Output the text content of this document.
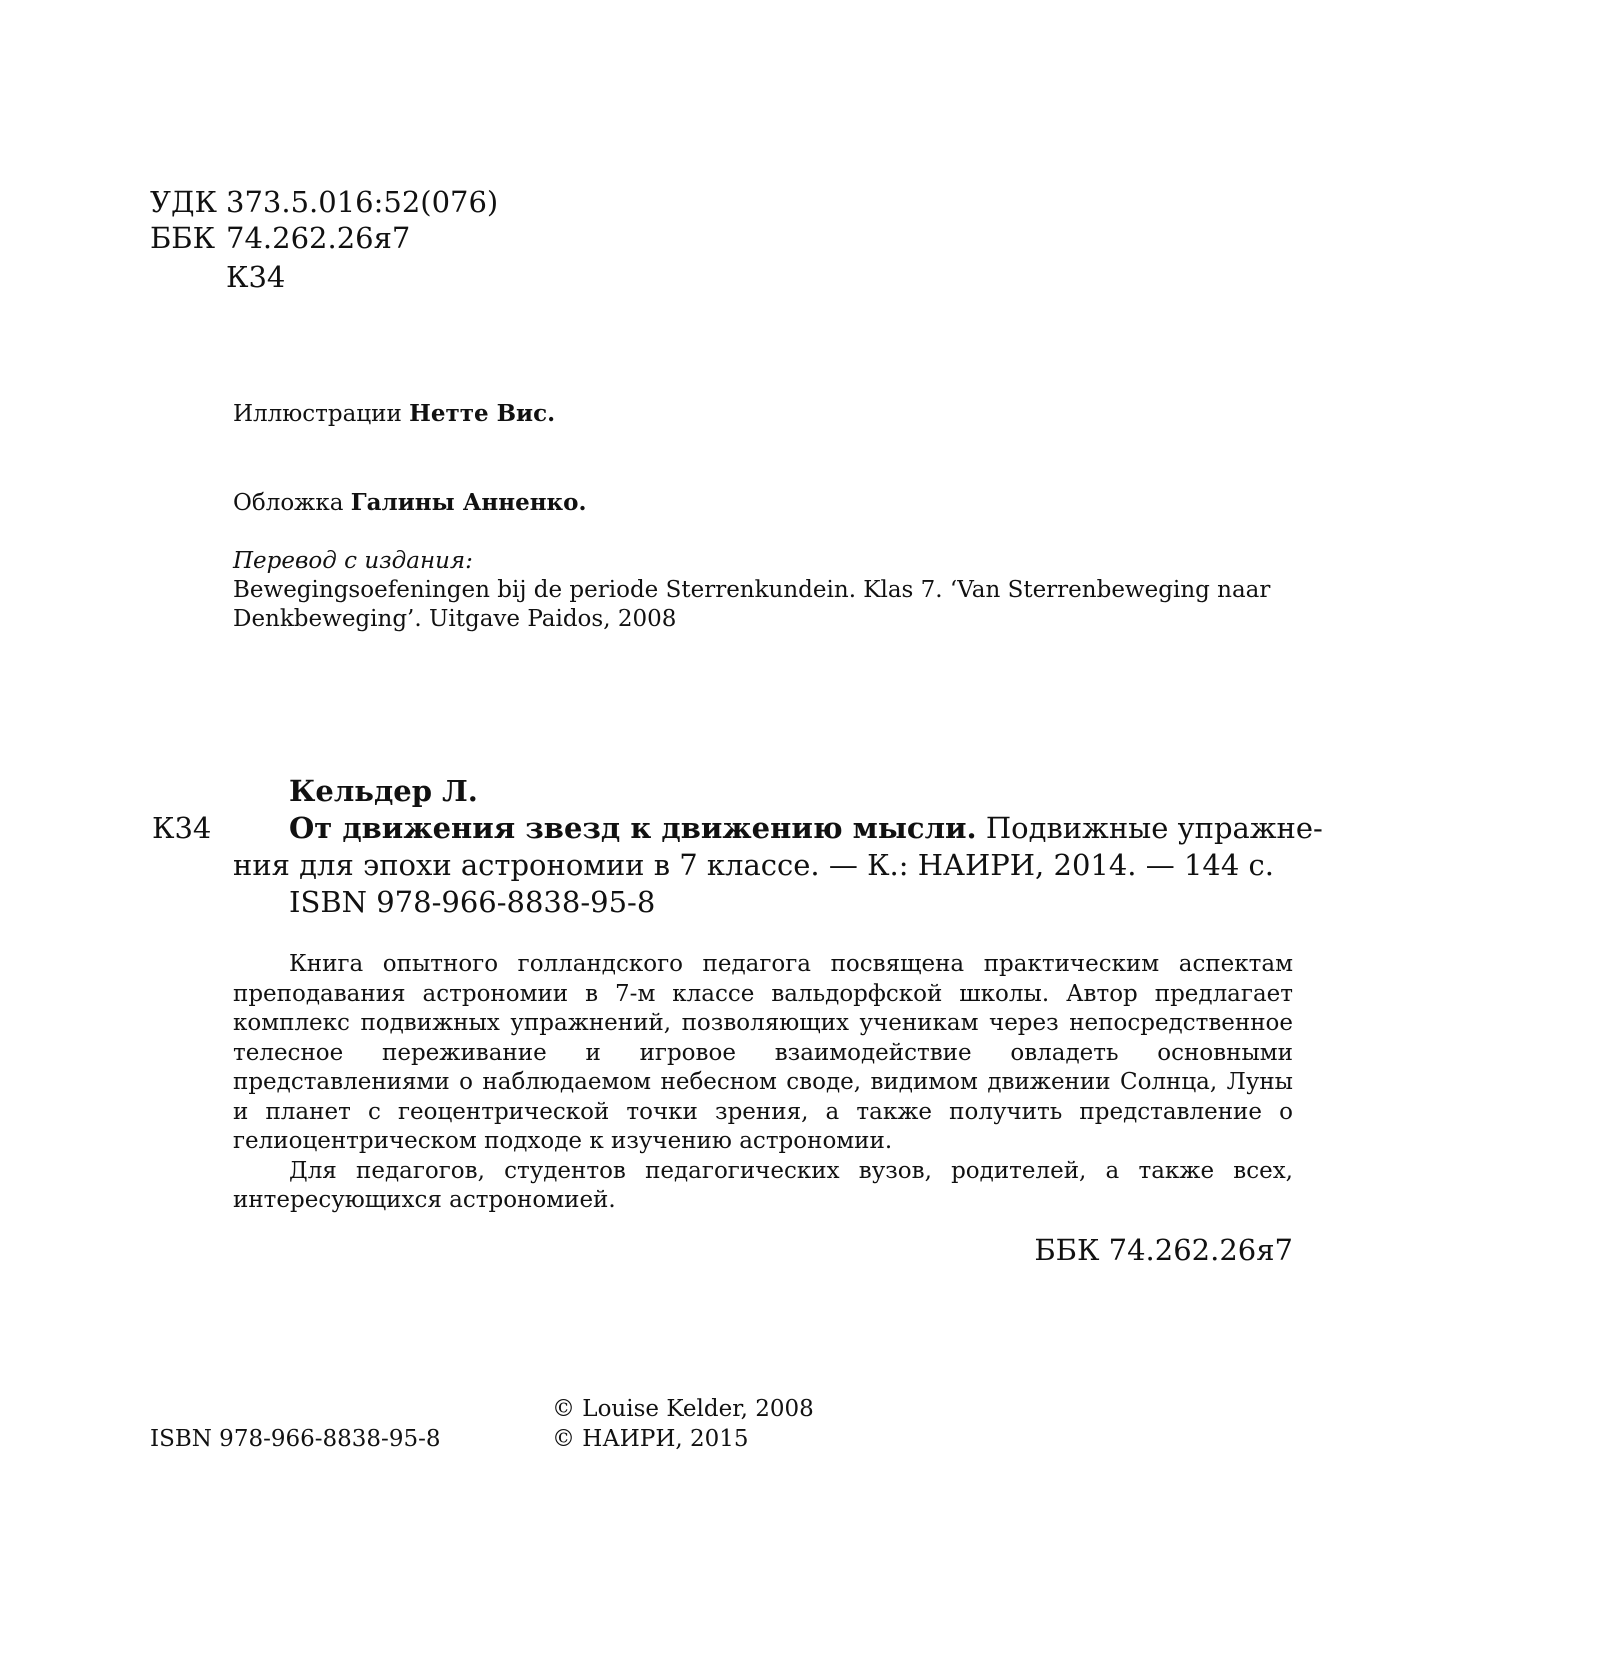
УДК 373.5.016:52(076)
ББК 74.262.26я7
К34
Иллюстрации Нетте Вис.
Обложка Галины Анненко.
Перевод с издания:
Bewegingsoefeningen bij de periode Sterrenkundein. Klas 7. ‘Van Sterrenbeweging naar
Denkbeweging’. Uitgave Paidos, 2008
Кельдер Л.
К34	От движения звезд к движению мысли. Подвижные упражне-
ния для эпохи астрономии в 7 классе. — К.: НАИРИ, 2014. — 144 с.
ISBN 978-966-8838-95-8

Книга опытного голландского педагога посвящена практическим аспектам преподавания астрономии в 7-м классе вальдорфской школы. Автор предлагает комплекс подвижных упражнений, позволяющих ученикам через непосредственное телесное переживание и игровое взаимодействие овладеть основными представлениями о наблюдаемом небесном своде, видимом движении Солнца, Луны и планет с геоцентрической точки зрения, а также получить представление о гелиоцентрическом подходе к изучению астрономии.

Для педагогов, студентов педагогических вузов, родителей, а также всех, интересующихся астрономией.

ББК 74.262.26я7
© Louise Kelder, 2008
ISBN 978-966-8838-95-8	© НАИРИ, 2015
